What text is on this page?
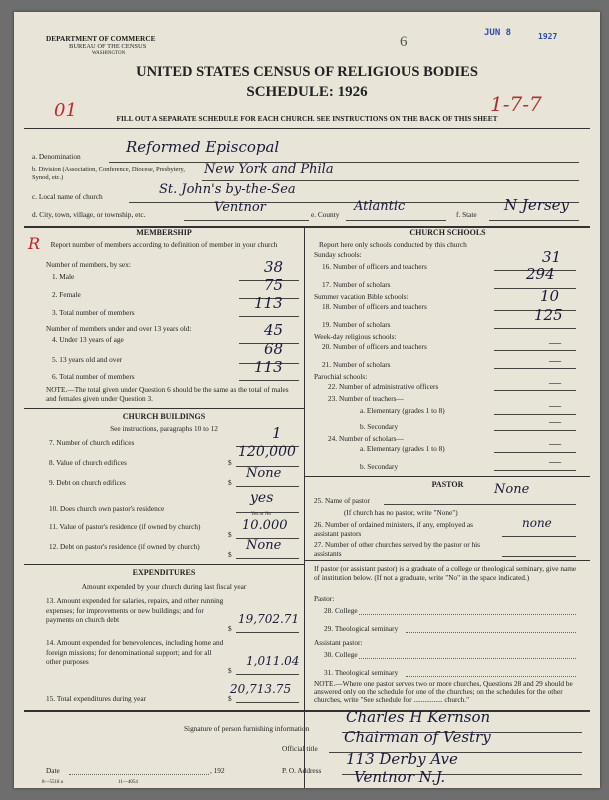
DEPARTMENT OF COMMERCE
BUREAU OF THE CENSUS
WASHINGTON
6
JUN 8	1927
UNITED STATES CENSUS OF RELIGIOUS BODIES
SCHEDULE: 1926
01	1-7-7
FILL OUT A SEPARATE SCHEDULE FOR EACH CHURCH. SEE INSTRUCTIONS ON THE BACK OF THIS SHEET
a. Denomination
Reformed Episcopal
b. Division (Association, Conference, Diocese, Presbytery, Synod, etc.)	New York and Phila
c. Local name of church	St. John's by-the-Sea
d. City, town, village, or township, etc.	Ventnor	e. County
Atlantic
f. State
N Jersey
MEMBERSHIP
Report number of members according to definition of member in your church
R
Number of members, by sex:
1. Male
38
2. Female
75
3. Total number of members
113
Number of members under and over 13 years old:
4. Under 13 years of age
45
5. 13 years old and over
68
6. Total number of members
113
NOTE.—The total given under Question 6 should be the same as the total of males and females given under Question 3.
CHURCH BUILDINGS
See instructions, paragraphs 10 to 12
7. Number of church edifices
1
8. Value of church edifices	$
120,000
9. Debt on church edifices	$
None
10. Does church own pastor's residence
yes
Yes or No
11. Value of pastor's residence (if owned by church)
$
10.000
12. Debt on pastor's residence (if owned by church)
$
None
EXPENDITURES
Amount expended by your church during last fiscal year
13. Amount expended for salaries, repairs, and other running expenses; for improvements or new buildings; and for payments on church debt
$
19,702.71
14. Amount expended for benevolences, including home and foreign missions; for denominational support; and for all other purposes
$
1,011.04
15. Total expenditures during year	$
20,713.75
CHURCH SCHOOLS
Report here only schools conducted by this church
Sunday schools:
16. Number of officers and teachers
31
17. Number of scholars
294
Summer vacation Bible schools:
18. Number of officers and teachers
10
19. Number of scholars
125
Week-day religious schools:
20. Number of officers and teachers	—
21. Number of scholars	—
Parochial schools:
22. Number of administrative officers	—
23. Number of teachers—
a. Elementary (grades 1 to 8)	—
b. Secondary	—
24. Number of scholars—
a. Elementary (grades 1 to 8)	—
b. Secondary	—
PASTOR
25. Name of pastor
None
(If church has no pastor, write "None")
26. Number of ordained ministers, if any, employed as assistant pastors
none
27. Number of other churches served by the pastor or his assistants
If pastor (or assistant pastor) is a graduate of a college or theological seminary, give name of institution below. (If not a graduate, write "No" in the space indicated.)
Pastor:
28. College
29. Theological seminary
Assistant pastor:
30. College
31. Theological seminary
NOTE.—Where one pastor serves two or more churches, Questions 28 and 29 should be answered only on the schedule for one of the churches; on the schedules for the other churches, write "See schedule for ................ church."
Signature of person furnishing information
Charles H Kernson
Official title
Chairman of Vestry
Date	, 192	P. O. Address
113 Derby Ave
Ventnor N.J.
8—5518 a	11—4054
